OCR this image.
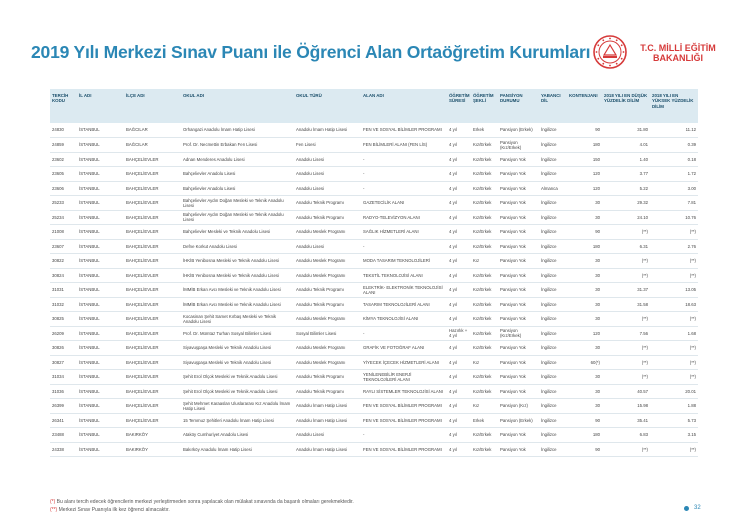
2019 Yılı Merkezi Sınav Puanı ile Öğrenci Alan Ortaöğretim Kurumları	T.C. MİLLİ EĞİTİM
BAKANLIĞI
TERCİH KODU	İL ADI	İLÇE ADI	OKUL ADI	OKUL TÜRÜ	ALAN ADI	ÖĞRETİM SÜRESİ	ÖĞRETİM ŞEKLİ	PANSİYON DURUMU	YABANCI DİL	KONTENJANI	2018 YILI EN DÜŞÜK YÜZDELİK DİLİM	2018 YILI EN YÜKSEK YÜZDELİK DİLİM
24830	İSTANBUL	BAĞCILAR	Orhangazi Anadolu İmam Hatip Lisesi	Anadolu İmam Hatip Lisesi	FEN VE SOSYAL BİLİMLER PROGRAMI	4 yıl	Erkek	Pansiyon (Erkek)	İngilizce	90	31.80	11.12
24859	İSTANBUL	BAĞCILAR	Prof. Dr. Necmettin Erbakan Fen Lisesi	Fen Lisesi	FEN BİLİMLERİ ALANI (FEN LİS)	4 yıl	Kız/Erkek	Pansiyon (Kız/Erkek)	İngilizce	180	4.01	0.39
23602	İSTANBUL	BAHÇELİEVLER	Adnan Menderes Anadolu Lisesi	Anadolu Lisesi	-	4 yıl	Kız/Erkek	Pansiyon Yok	İngilizce	150	1.40	0.18
23605	İSTANBUL	BAHÇELİEVLER	Bahçelievler Anadolu Lisesi	Anadolu Lisesi	-	4 yıl	Kız/Erkek	Pansiyon Yok	İngilizce	120	3.77	1.72
23606	İSTANBUL	BAHÇELİEVLER	Bahçelievler Anadolu Lisesi	Anadolu Lisesi	-	4 yıl	Kız/Erkek	Pansiyon Yok	Almanca	120	5.22	3.00
25233	İSTANBUL	BAHÇELİEVLER	Bahçelievler Aydın Doğan Mesleki ve Teknik Anadolu Lisesi	Anadolu Teknik Programı	GAZETECİLİK ALANI	4 yıl	Kız/Erkek	Pansiyon Yok	İngilizce	30	29.32	7.81
25234	İSTANBUL	BAHÇELİEVLER	Bahçelievler Aydın Doğan Mesleki ve Teknik Anadolu Lisesi	Anadolu Teknik Programı	RADYO-TELEVİZYON ALANI	4 yıl	Kız/Erkek	Pansiyon Yok	İngilizce	30	24.10	10.76
21008	İSTANBUL	BAHÇELİEVLER	Bahçelievler Mesleki ve Teknik Anadolu Lisesi	Anadolu Meslek Programı	SAĞLIK HİZMETLERİ ALANI	4 yıl	Kız/Erkek	Pansiyon Yok	İngilizce	90	(**)	(**)
23607	İSTANBUL	BAHÇELİEVLER	Defne Korkut Anadolu Lisesi	Anadolu Lisesi	-	4 yıl	Kız/Erkek	Pansiyon Yok	İngilizce	180	6.31	2.76
30822	İSTANBUL	BAHÇELİEVLER	İHKİB Yenibosna Mesleki ve Teknik Anadolu Lisesi	Anadolu Meslek Programı	MODA TASARIM TEKNOLOJİLERİ	4 yıl	Kız	Pansiyon Yok	İngilizce	30	(**)	(**)
30824	İSTANBUL	BAHÇELİEVLER	İHKİB Yenibosna Mesleki ve Teknik Anadolu Lisesi	Anadolu Meslek Programı	TEKSTİL TEKNOLOJİSİ ALANI	4 yıl	Kız/Erkek	Pansiyon Yok	İngilizce	30	(**)	(**)
31031	İSTANBUL	BAHÇELİEVLER	İMMİB Erkan Avcı Mesleki ve Teknik Anadolu Lisesi	Anadolu Teknik Programı	ELEKTRİK- ELEKTRONİK TEKNOLOJİSİ ALANI	4 yıl	Kız/Erkek	Pansiyon Yok	İngilizce	30	31.37	13.05
31032	İSTANBUL	BAHÇELİEVLER	İMMİB Erkan Avcı Mesleki ve Teknik Anadolu Lisesi	Anadolu Teknik Programı	TASARIM TEKNOLOJİLERİ ALANI	4 yıl	Kız/Erkek	Pansiyon Yok	İngilizce	30	31.58	18.63
30825	İSTANBUL	BAHÇELİEVLER	Kocasinan Şehit Samet Kırbaş Mesleki ve Teknik Anadolu Lisesi	Anadolu Meslek Programı	KİMYA TEKNOLOJİSİ ALANI	4 yıl	Kız/Erkek	Pansiyon Yok	İngilizce	30	(**)	(**)
26209	İSTANBUL	BAHÇELİEVLER	Prof. Dr. Mümtaz Turhan Sosyal Bilimler Lisesi	Sosyal Bilimler Lisesi	-	Hazırlık + 4 yıl	Kız/Erkek	Pansiyon (Kız/Erkek)	İngilizce	120	7.56	1.68
30826	İSTANBUL	BAHÇELİEVLER	Siyavuşpaşa Mesleki ve Teknik Anadolu Lisesi	Anadolu Meslek Programı	GRAFİK VE FOTOĞRAF ALANI	4 yıl	Kız/Erkek	Pansiyon Yok	İngilizce	30	(**)	(**)
30827	İSTANBUL	BAHÇELİEVLER	Siyavuşpaşa Mesleki ve Teknik Anadolu Lisesi	Anadolu Meslek Programı	YİYECEK İÇECEK HİZMETLERİ ALANI	4 yıl	Kız	Pansiyon Yok	İngilizce	60(*)	(**)	(**)
31034	İSTANBUL	BAHÇELİEVLER	Şehit Erol Olçok Mesleki ve Teknik Anadolu Lisesi	Anadolu Teknik Programı	YENİLENEBİLİR ENERJİ TEKNOLOJİLERİ ALANI	4 yıl	Kız/Erkek	Pansiyon Yok	İngilizce	30	(**)	(**)
31036	İSTANBUL	BAHÇELİEVLER	Şehit Erol Olçok Mesleki ve Teknik Anadolu Lisesi	Anadolu Teknik Programı	RAYLI SİSTEMLER TEKNOLOJİSİ ALANI	4 yıl	Kız/Erkek	Pansiyon Yok	İngilizce	30	40.57	20.01
26399	İSTANBUL	BAHÇELİEVLER	Şehit Mehmet Karaaslan Uluslararası Kız Anadolu İmam Hatip Lisesi	Anadolu İmam Hatip Lisesi	FEN VE SOSYAL BİLİMLER PROGRAMI	4 yıl	Kız	Pansiyon (Kız)	İngilizce	30	15.98	1.88
26341	İSTANBUL	BAHÇELİEVLER	15 Temmuz Şehitleri Anadolu İmam Hatip Lisesi	Anadolu İmam Hatip Lisesi	FEN VE SOSYAL BİLİMLER PROGRAMI	4 yıl	Erkek	Pansiyon (Erkek)	İngilizce	90	35.41	5.73
23488	İSTANBUL	BAKIRKÖY	Ataköy Cumhuriyet Anadolu Lisesi	Anadolu Lisesi	-	4 yıl	Kız/Erkek	Pansiyon Yok	İngilizce	180	6.83	3.15
24338	İSTANBUL	BAKIRKÖY	Bakırköy Anadolu İmam Hatip Lisesi	Anadolu İmam Hatip Lisesi	FEN VE SOSYAL BİLİMLER PROGRAMI	4 yıl	Kız/Erkek	Pansiyon Yok	İngilizce	90	(**)	(**)
(*) Bu alanı tercih edecek öğrencilerin merkezi yerleştirmeden sonra yapılacak olan mülakat sınavında da başarılı olmaları gerekmektedir.
(**) Merkezi Sınav Puanıyla ilk kez öğrenci alınacaktır.	32
